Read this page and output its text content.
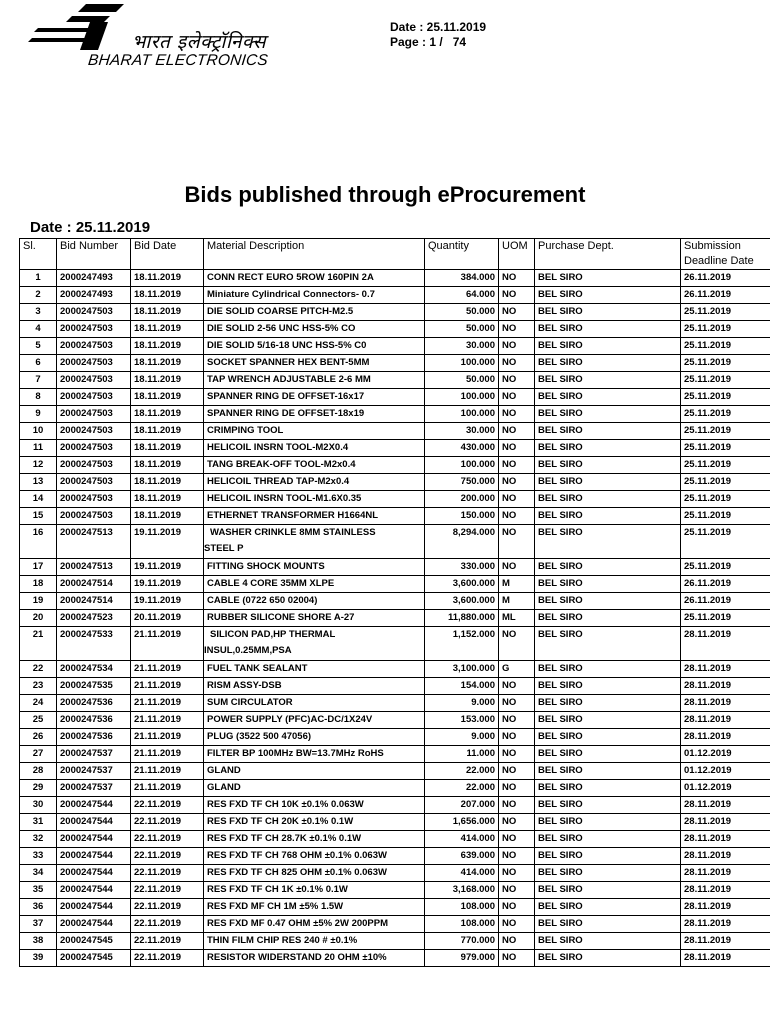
भारत इलेक्ट्रॉनिक्स
BHARAT ELECTRONICS
Date : 25.11.2019
Page : 1 /   74
Bids published through eProcurement
Date : 25.11.2019
Sl.	Bid Number	Bid Date	Material Description	Quantity	UOM	Purchase Dept.	Submission Deadline Date
1	2000247493	18.11.2019	CONN RECT EURO 5ROW 160PIN 2A	384.000	NO	BEL SIRO	26.11.2019
2	2000247493	18.11.2019	Miniature Cylindrical Connectors- 0.7	64.000	NO	BEL SIRO	26.11.2019
3	2000247503	18.11.2019	DIE SOLID COARSE PITCH-M2.5	50.000	NO	BEL SIRO	25.11.2019
4	2000247503	18.11.2019	DIE SOLID 2-56 UNC HSS-5% CO	50.000	NO	BEL SIRO	25.11.2019
5	2000247503	18.11.2019	DIE SOLID 5/16-18 UNC HSS-5% C0	30.000	NO	BEL SIRO	25.11.2019
6	2000247503	18.11.2019	SOCKET SPANNER HEX BENT-5MM	100.000	NO	BEL SIRO	25.11.2019
7	2000247503	18.11.2019	TAP WRENCH ADJUSTABLE 2-6 MM	50.000	NO	BEL SIRO	25.11.2019
8	2000247503	18.11.2019	SPANNER RING DE OFFSET-16x17	100.000	NO	BEL SIRO	25.11.2019
9	2000247503	18.11.2019	SPANNER RING DE OFFSET-18x19	100.000	NO	BEL SIRO	25.11.2019
10	2000247503	18.11.2019	CRIMPING TOOL	30.000	NO	BEL SIRO	25.11.2019
11	2000247503	18.11.2019	HELICOIL INSRN TOOL-M2X0.4	430.000	NO	BEL SIRO	25.11.2019
12	2000247503	18.11.2019	TANG BREAK-OFF TOOL-M2x0.4	100.000	NO	BEL SIRO	25.11.2019
13	2000247503	18.11.2019	HELICOIL THREAD TAP-M2x0.4	750.000	NO	BEL SIRO	25.11.2019
14	2000247503	18.11.2019	HELICOIL INSRN TOOL-M1.6X0.35	200.000	NO	BEL SIRO	25.11.2019
15	2000247503	18.11.2019	ETHERNET TRANSFORMER H1664NL	150.000	NO	BEL SIRO	25.11.2019
16	2000247513	19.11.2019	WASHER CRINKLE 8MM STAINLESS
STEEL P	8,294.000	NO	BEL SIRO	25.11.2019
17	2000247513	19.11.2019	FITTING SHOCK MOUNTS	330.000	NO	BEL SIRO	25.11.2019
18	2000247514	19.11.2019	CABLE 4 CORE 35MM XLPE	3,600.000	M	BEL SIRO	26.11.2019
19	2000247514	19.11.2019	CABLE (0722 650 02004)	3,600.000	M	BEL SIRO	26.11.2019
20	2000247523	20.11.2019	RUBBER SILICONE SHORE A-27	11,880.000	ML	BEL SIRO	25.11.2019
21	2000247533	21.11.2019	SILICON PAD,HP THERMAL
INSUL,0.25MM,PSA	1,152.000	NO	BEL SIRO	28.11.2019
22	2000247534	21.11.2019	FUEL TANK SEALANT	3,100.000	G	BEL SIRO	28.11.2019
23	2000247535	21.11.2019	RISM ASSY-DSB	154.000	NO	BEL SIRO	28.11.2019
24	2000247536	21.11.2019	SUM CIRCULATOR	9.000	NO	BEL SIRO	28.11.2019
25	2000247536	21.11.2019	POWER SUPPLY (PFC)AC-DC/1X24V	153.000	NO	BEL SIRO	28.11.2019
26	2000247536	21.11.2019	PLUG (3522 500 47056)	9.000	NO	BEL SIRO	28.11.2019
27	2000247537	21.11.2019	FILTER BP 100MHz BW=13.7MHz RoHS	11.000	NO	BEL SIRO	01.12.2019
28	2000247537	21.11.2019	GLAND	22.000	NO	BEL SIRO	01.12.2019
29	2000247537	21.11.2019	GLAND	22.000	NO	BEL SIRO	01.12.2019
30	2000247544	22.11.2019	RES FXD TF CH 10K ±0.1% 0.063W	207.000	NO	BEL SIRO	28.11.2019
31	2000247544	22.11.2019	RES FXD TF CH 20K ±0.1% 0.1W	1,656.000	NO	BEL SIRO	28.11.2019
32	2000247544	22.11.2019	RES FXD TF CH 28.7K ±0.1% 0.1W	414.000	NO	BEL SIRO	28.11.2019
33	2000247544	22.11.2019	RES FXD TF CH 768 OHM ±0.1% 0.063W	639.000	NO	BEL SIRO	28.11.2019
34	2000247544	22.11.2019	RES FXD TF CH 825 OHM ±0.1% 0.063W	414.000	NO	BEL SIRO	28.11.2019
35	2000247544	22.11.2019	RES FXD TF CH 1K ±0.1% 0.1W	3,168.000	NO	BEL SIRO	28.11.2019
36	2000247544	22.11.2019	RES FXD MF CH 1M ±5% 1.5W	108.000	NO	BEL SIRO	28.11.2019
37	2000247544	22.11.2019	RES FXD MF 0.47 OHM ±5% 2W 200PPM	108.000	NO	BEL SIRO	28.11.2019
38	2000247545	22.11.2019	THIN FILM CHIP RES 240 # ±0.1%	770.000	NO	BEL SIRO	28.11.2019
39	2000247545	22.11.2019	RESISTOR WIDERSTAND 20 OHM ±10%	979.000	NO	BEL SIRO	28.11.2019
